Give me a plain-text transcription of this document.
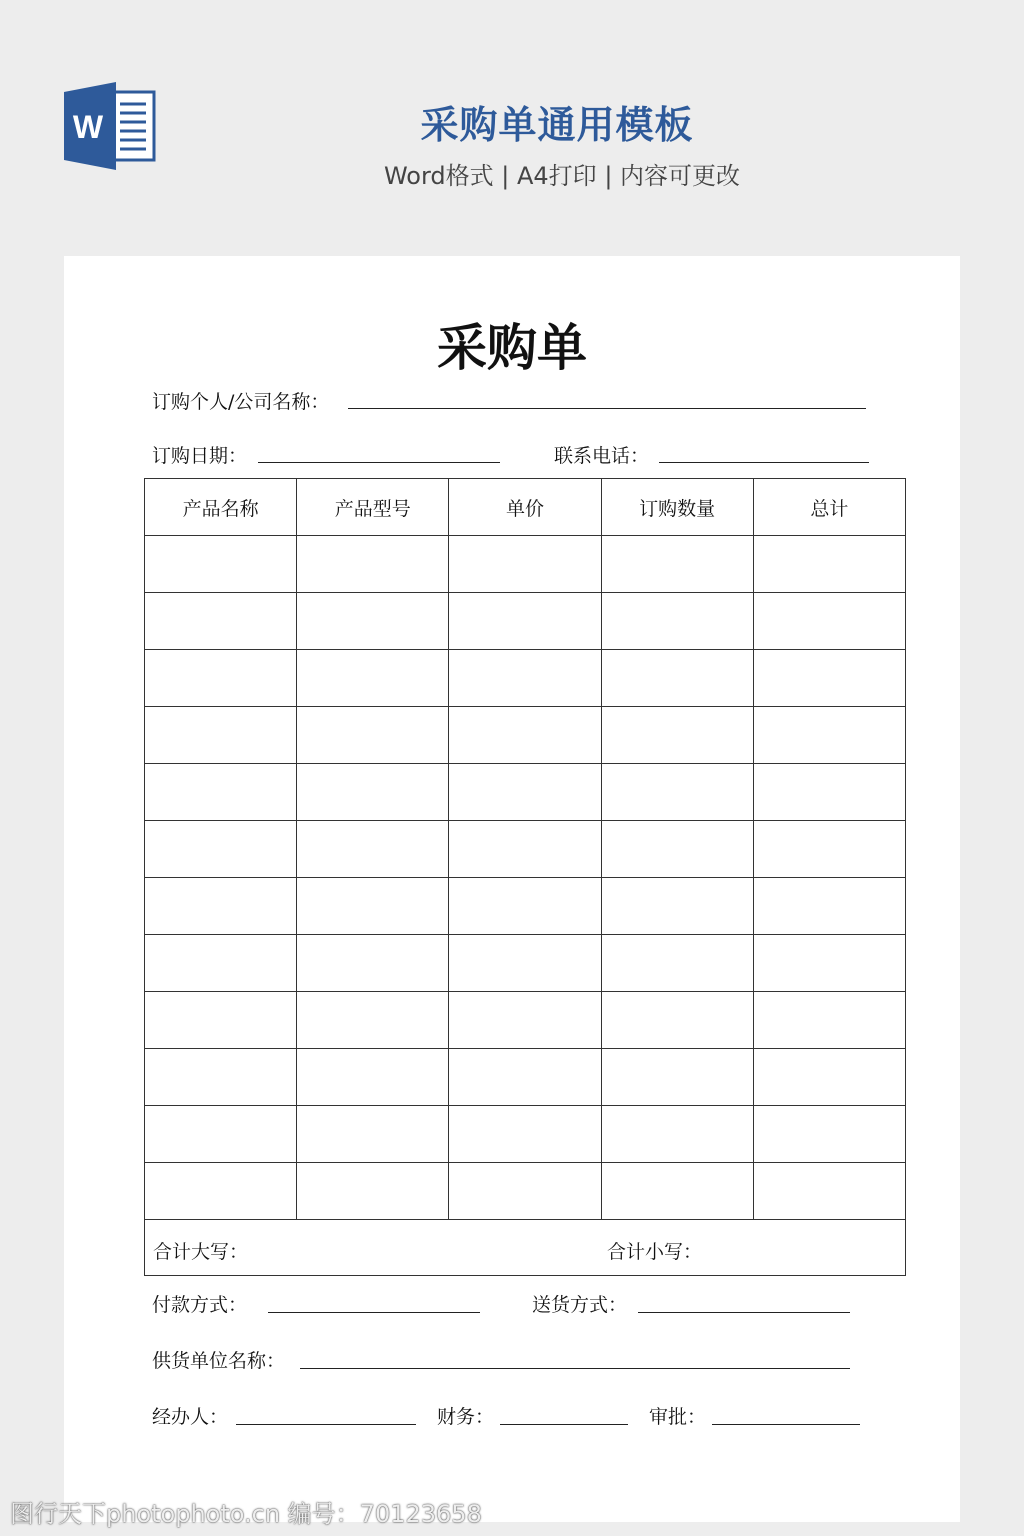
W	采购单通用模板
Word格式 | A4打印 | 内容可更改
采购单
订购个人/公司名称：
订购日期：	联系电话：
产品名称	产品型号	单价	订购数量	总计

合计大写： 合计小写：				
付款方式：	送货方式：
供货单位名称：
经办人：	财务：	审批：
图行天下photophoto.cn 编号：70123658
